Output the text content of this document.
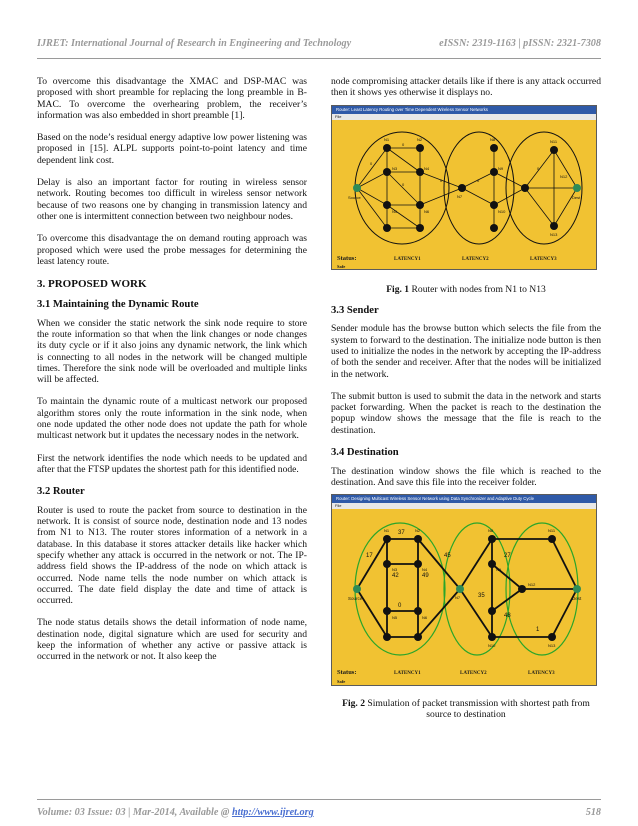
IJRET: International Journal of Research in Engineering and Technology	eISSN: 2319-1163 | pISSN: 2321-7308

To overcome this disadvantage the XMAC and DSP-MAC was proposed with short preamble for replacing the long preamble in B-MAC. To overcome the overhearing problem, the receiver’s information was also embedded in short preamble [1].

Based on the node’s residual energy adaptive low power listening was proposed in [15]. ALPL supports point-to-point latency and time dependent link cost.

Delay is also an important factor for routing in wireless sensor network. Routing becomes too difficult in wireless sensor network because of two reasons one by changing in transmission latency and other one is intermittent connection between two neighbour nodes.

To overcome this disadvantage the on demand routing approach was proposed which were used the probe messages for determining the least latency route.

3. PROPOSED WORK
3.1 Maintaining the Dynamic Route

When we consider the static network the sink node require to store the route information so that when the link changes or node changes its duty cycle or if it also joins any dynamic network, the link which is connecting to all nodes in the network will be changed multiple times. Therefore the sink node will be overloaded and multiple links will be affected.

To maintain the dynamic route of a multicast network our proposed algorithm stores only the route information in the sink node, when one node updated the other node does not update the path for whole multicast network but it updates the necessary nodes in the network.

First the network identifies the node which needs to be updated and after that the FTSP updates the shortest path for this identified node.

3.2 Router

Router is used to route the packet from source to destination in the network. It is consist of source node, destination node and 13 nodes from N1 to N13. The router stores information of a network in a database. In this database it stores attacker details like hacker which specify whether any attack is occurred in the network or not. The IP-address field shows the IP-address of the node on which attack is occurred. Node name tells the node number on which attack is occurred. The date field display the date and time of attack is occurred.

The node status details shows the detail information of node name, destination node, digital signature which are used for security and keep the information of whether any active or passive attack is occurred in the network or not. It also keep the

node compromising attacker details like if there is any attack occurred then it shows yes otherwise it displays no.

Router: Least Latency Routing over Time Dependent Wireless Sensor Networks
File
Source	Dest
N1	N2
N3	N4
N5	N6
N7
N8
N9
N10
N11
N12
N13
0
0
0
0	0
0
Status:
Safe
LATENCY1	LATENCY2	LATENCY3
Fig. 1 Router with nodes from N1 to N13
3.3 Sender

Sender module has the browse button which selects the file from the system to forward to the destination. The initialize node button is then used to initialize the nodes in the network by accepting the IP-address of both the sender and receiver. After that the nodes will be initialized in the network.

The submit button is used to submit the data in the network and starts packet forwarding. When the packet is reach to the destination the popup window shows the message that the file is reach to the destination.

3.4 Destination

The destination window shows the file which is reached to the destination. And save this file into the receiver folder.

Router: Designing Multicast Wireless Sensor Network using Data Synchronizer and Adaptive Duty Cycle
File
Source	Dest
17
37
42	49
45
0
35
27
48
1
N1	N2
N3	N4
N5	N6
N7
N8
N9
N10
N11
N12
N13
Status:
Safe
LATENCY1	LATENCY2	LATENCY3
Fig. 2 Simulation of packet transmission with shortest path from source to destination
Volume: 03 Issue: 03 | Mar-2014, Available @ http://www.ijret.org	518
